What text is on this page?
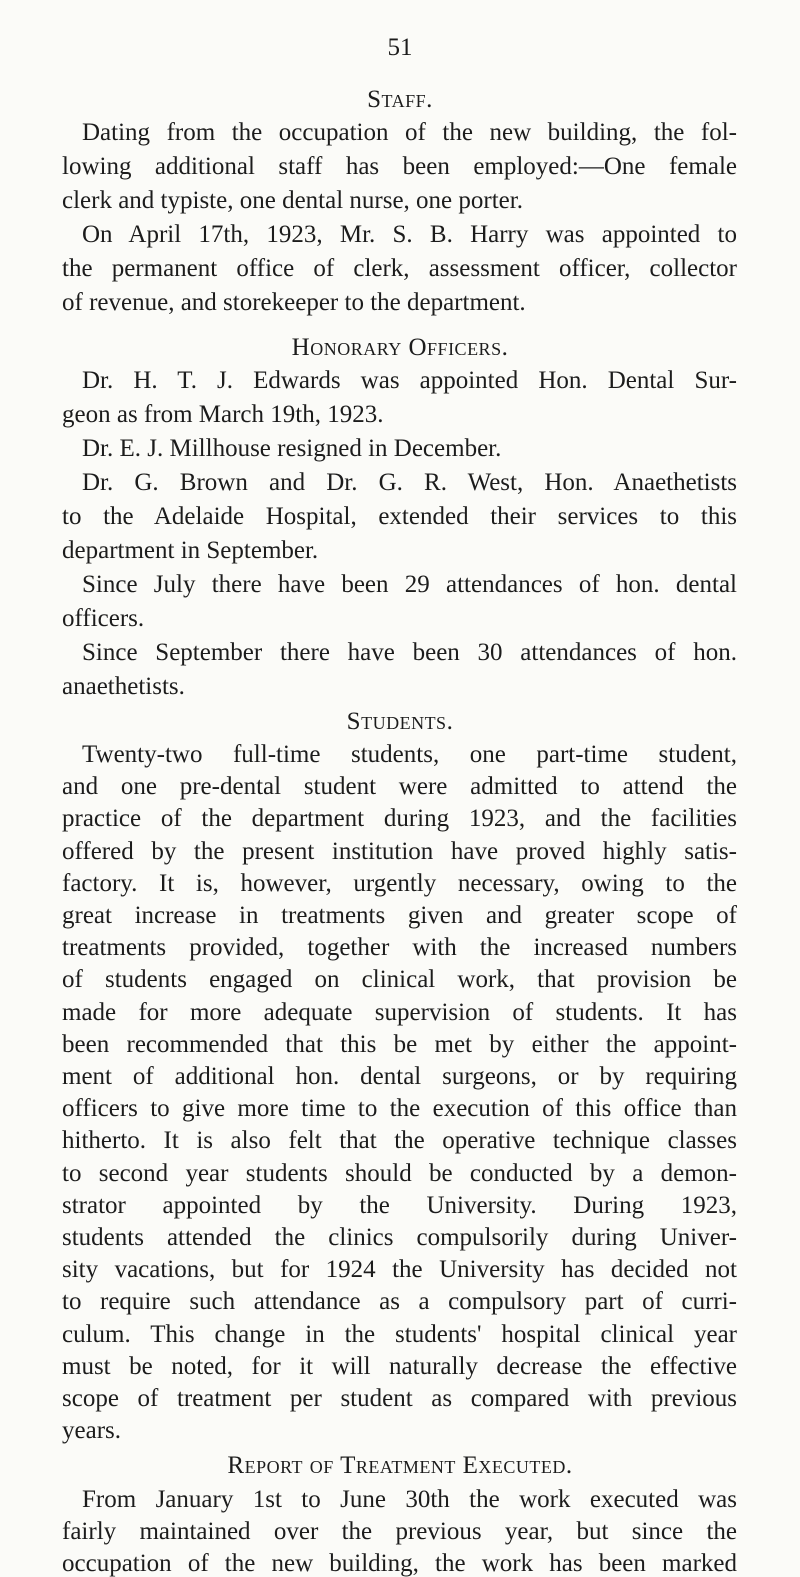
51
Staff.

Dating from the occupation of the new building, the fol-

lowing additional staff has been employed:—One female

clerk and typiste, one dental nurse, one porter.

On April 17th, 1923, Mr. S. B. Harry was appointed to

the permanent office of clerk, assessment officer, collector

of revenue, and storekeeper to the department.

Honorary Officers.

Dr. H. T. J. Edwards was appointed Hon. Dental Sur-

geon as from March 19th, 1923.

Dr. E. J. Millhouse resigned in December.

Dr. G. Brown and Dr. G. R. West, Hon. Anaethetists

to the Adelaide Hospital, extended their services to this

department in September.

Since July there have been 29 attendances of hon. dental

officers.

Since September there have been 30 attendances of hon.

anaethetists.

Students.

Twenty-two full-time students, one part-time student,

and one pre-dental student were admitted to attend the

practice of the department during 1923, and the facilities

offered by the present institution have proved highly satis-

factory. It is, however, urgently necessary, owing to the

great increase in treatments given and greater scope of

treatments provided, together with the increased numbers

of students engaged on clinical work, that provision be

made for more adequate supervision of students. It has

been recommended that this be met by either the appoint-

ment of additional hon. dental surgeons, or by requiring

officers to give more time to the execution of this office than

hitherto. It is also felt that the operative technique classes

to second year students should be conducted by a demon-

strator appointed by the University. During 1923,

students attended the clinics compulsorily during Univer-

sity vacations, but for 1924 the University has decided not

to require such attendance as a compulsory part of curri-

culum. This change in the students' hospital clinical year

must be noted, for it will naturally decrease the effective

scope of treatment per student as compared with previous

years.

Report of Treatment Executed.

From January 1st to June 30th the work executed was

fairly maintained over the previous year, but since the

occupation of the new building, the work has been marked
